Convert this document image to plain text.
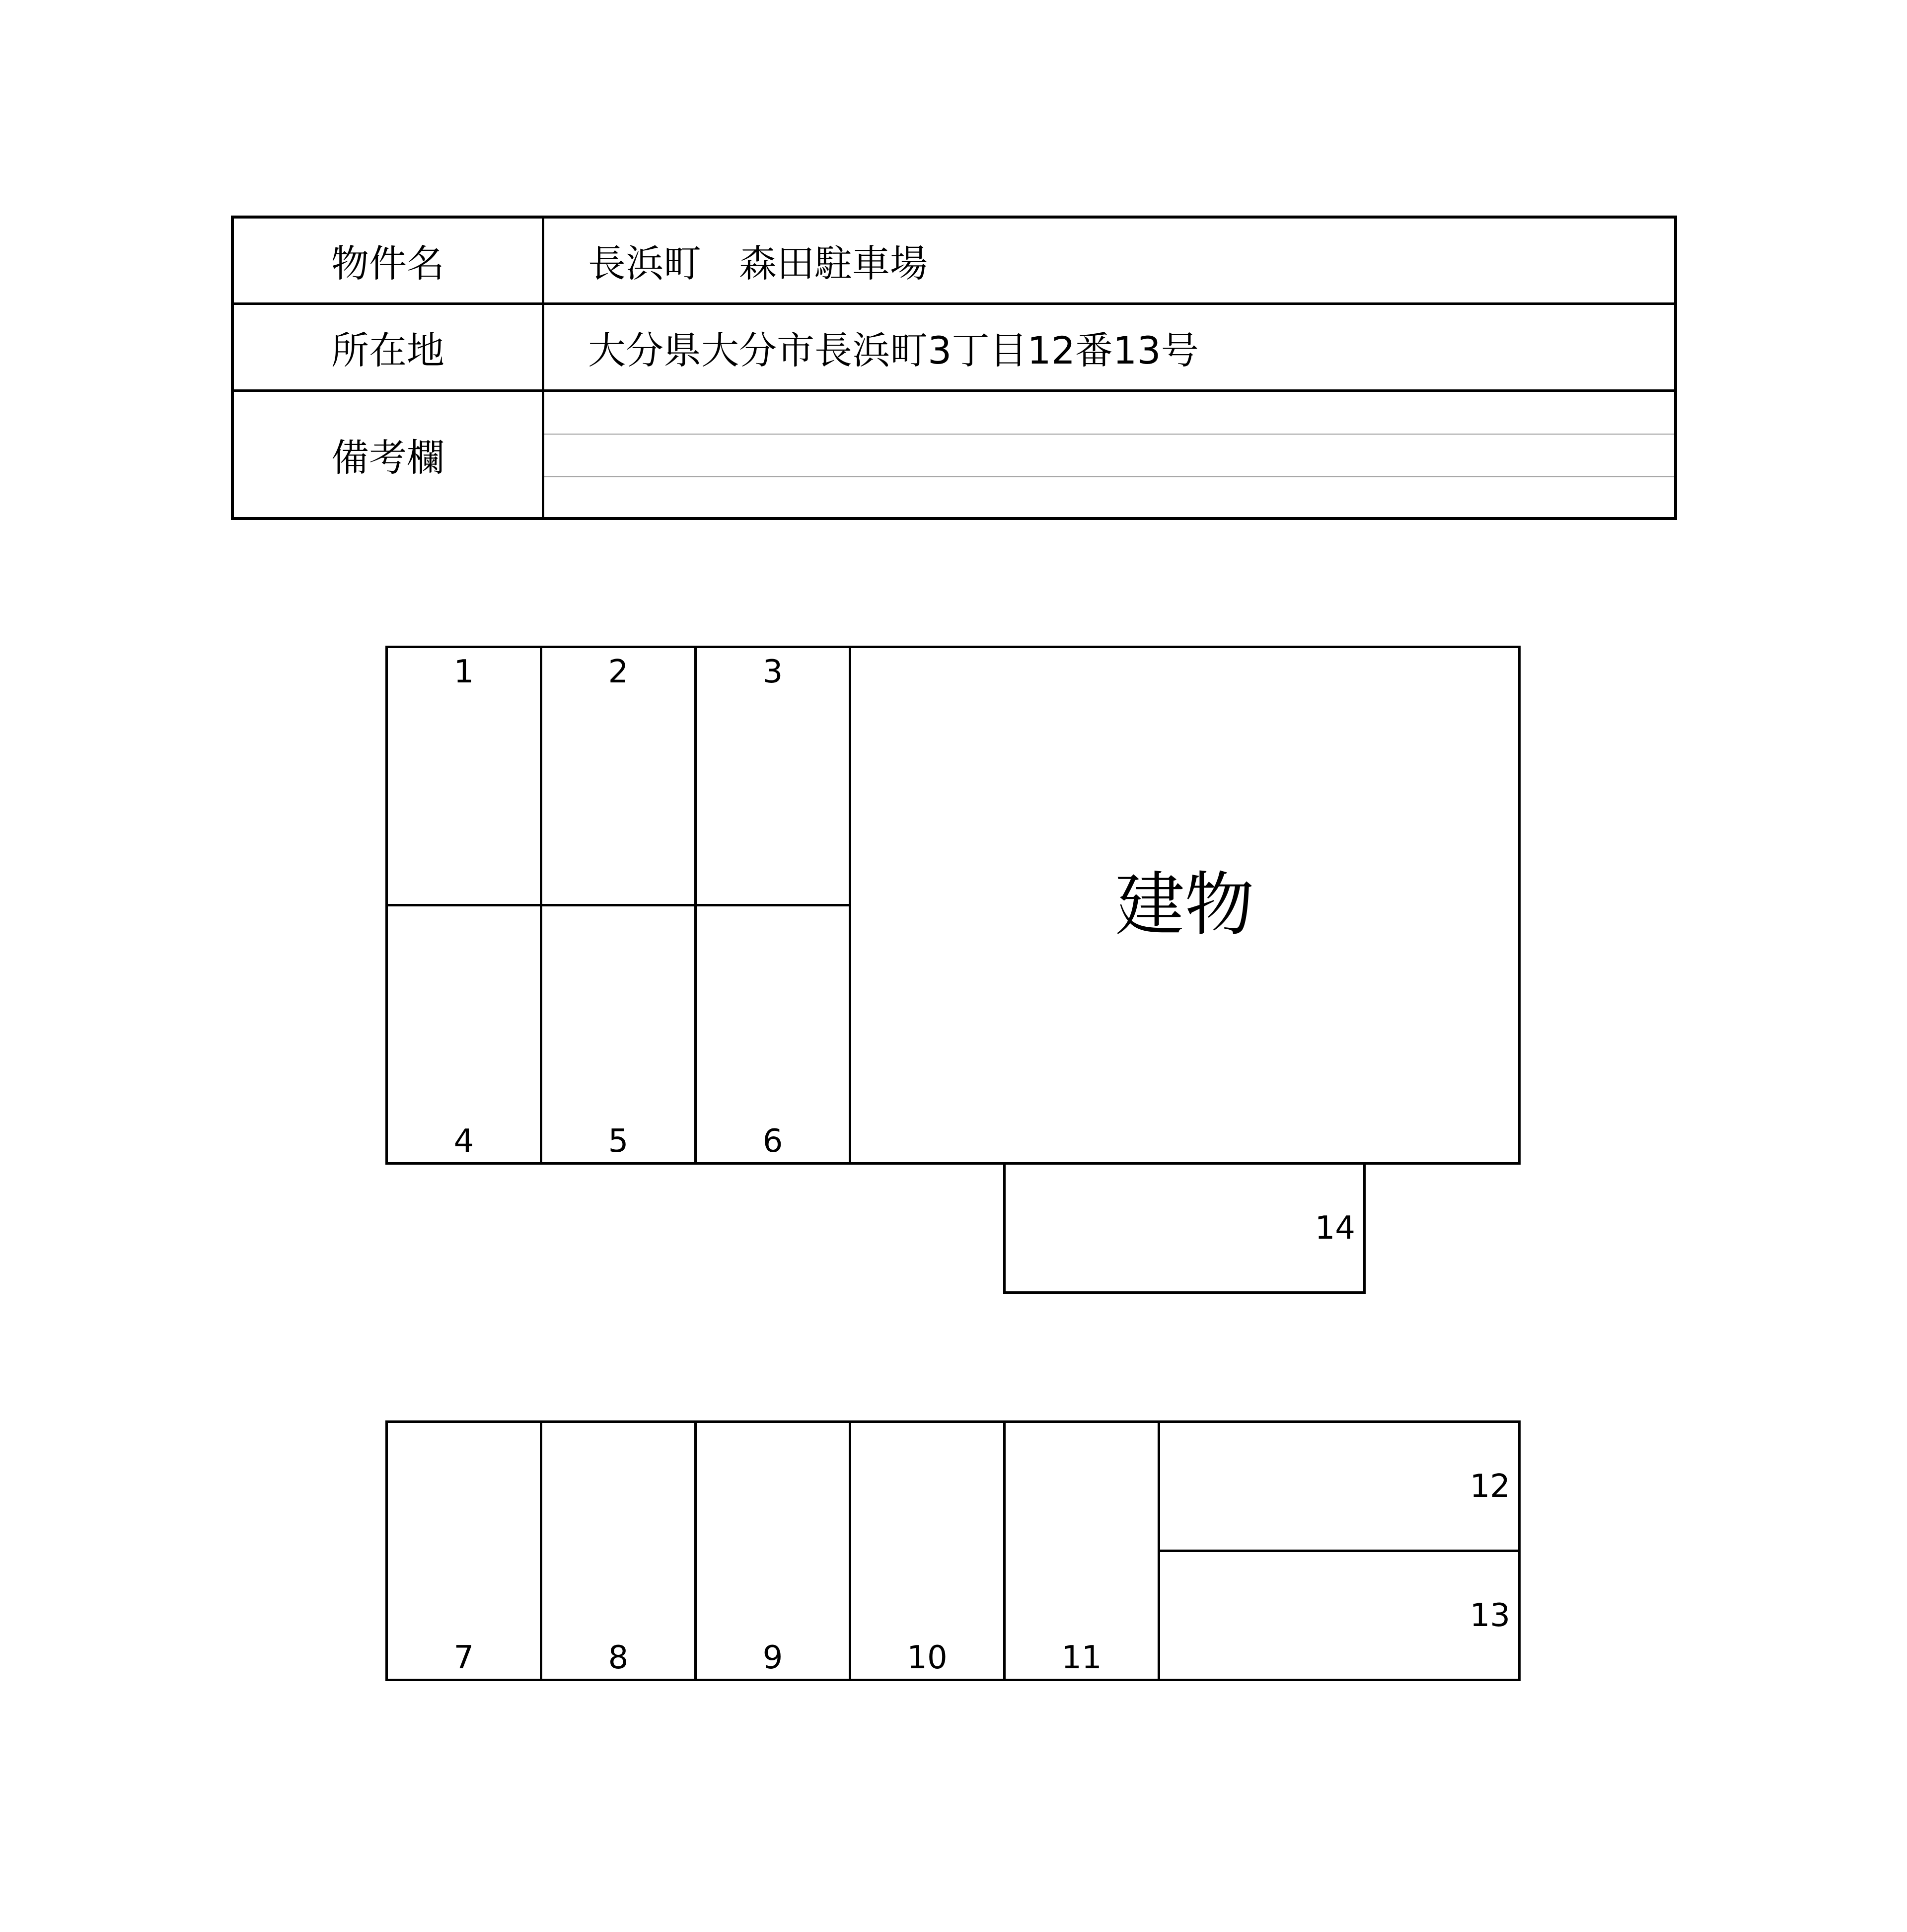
物件名	長浜町　森田駐車場
所在地	大分県大分市長浜町3丁目12番13号
備考欄
1	2	3
4	5	6
建物
14
7	8	9	10	11
12
13
